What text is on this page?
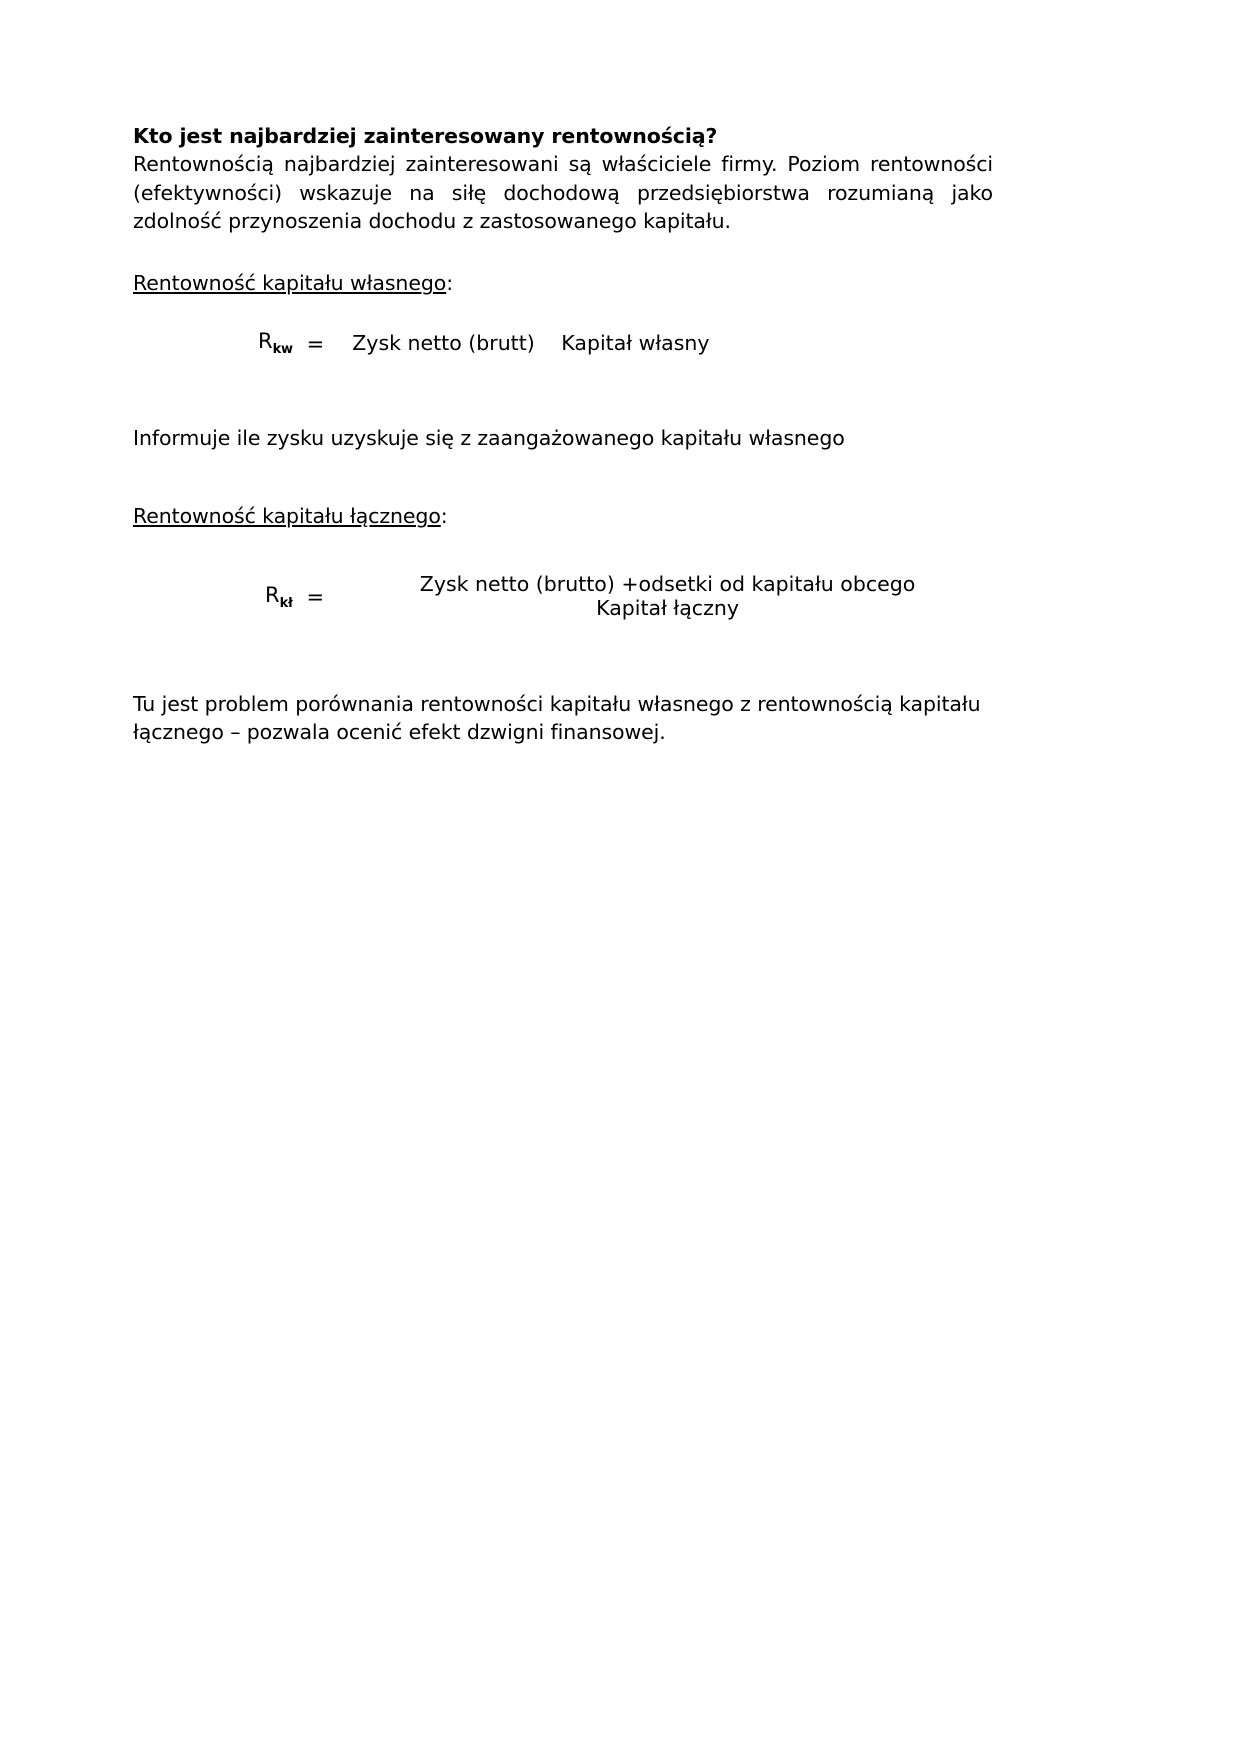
Kto jest najbardziej zainteresowany rentownością?
Rentownością najbardziej zainteresowani są właściciele firmy. Poziom rentowności (efektywności) wskazuje na siłę dochodową przedsiębiorstwa rozumianą jako zdolność przynoszenia dochodu z zastosowanego kapitału.
Rentowność kapitału własnego:
$R_{kw}$ =	Zysk netto (brutt) Kapitał własny
Informuje ile zysku uzyskuje się z zaangażowanego kapitału własnego
Rentowność kapitału łącznego:
$R_{kł}$ =
Zysk netto (brutto) +odsetki od kapitału obcego Kapitał łączny
Tu jest problem porównania rentowności kapitału własnego z rentownością kapitału łącznego – pozwala ocenić efekt dzwigni finansowej.
